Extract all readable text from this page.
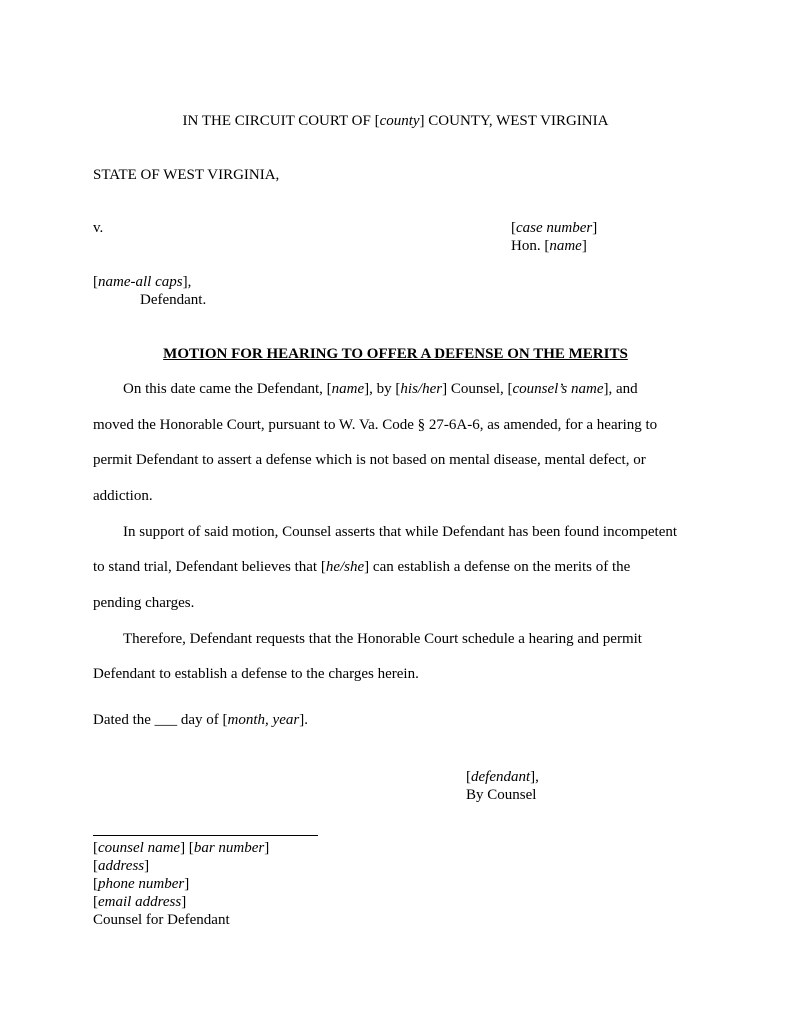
IN THE CIRCUIT COURT OF [county] COUNTY, WEST VIRGINIA
STATE OF WEST VIRGINIA,
v.	[case number]
Hon. [name]
[name-all caps],
Defendant.
MOTION FOR HEARING TO OFFER A DEFENSE ON THE MERITS
On this date came the Defendant, [name], by [his/her] Counsel, [counsel’s name], and
moved the Honorable Court, pursuant to W. Va. Code § 27-6A-6, as amended, for a hearing to
permit Defendant to assert a defense which is not based on mental disease, mental defect, or
addiction.
In support of said motion, Counsel asserts that while Defendant has been found incompetent
to stand trial, Defendant believes that [he/she] can establish a defense on the merits of the
pending charges.
Therefore, Defendant requests that the Honorable Court schedule a hearing and permit
Defendant to establish a defense to the charges herein.
Dated the ___ day of [month, year].
[defendant],
By Counsel
[counsel name] [bar number]
[address]
[phone number]
[email address]
Counsel for Defendant
